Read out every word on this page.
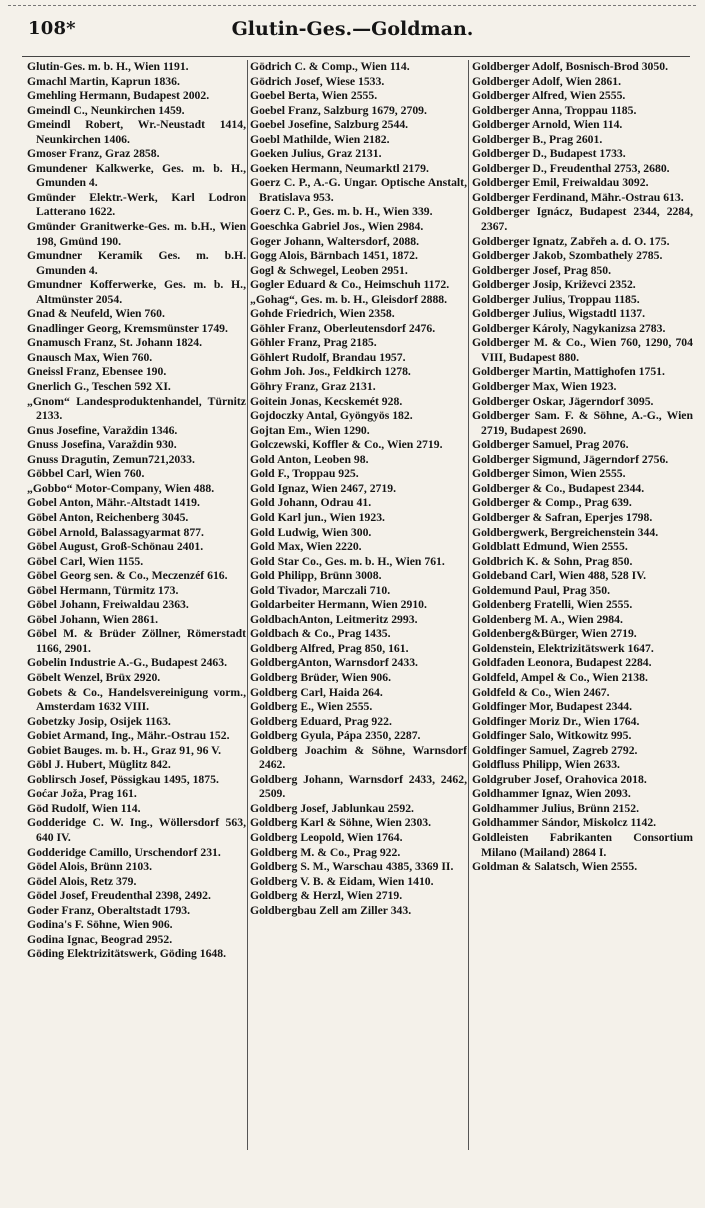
108*	Glutin-Ges.—Goldman.

Glutin-Ges. m. b. H., Wien 1191.

Gmachl Martin, Kaprun 1836.

Gmehling Hermann, Budapest 2002.

Gmeindl C., Neunkirchen 1459.

Gmeindl Robert, Wr.-Neustadt 1414, Neunkirchen 1406.

Gmoser Franz, Graz 2858.

Gmundener Kalkwerke, Ges. m. b. H., Gmunden 4.

Gmünder Elektr.-Werk, Karl Lodron Latterano 1622.

Gmünder Granitwerke-Ges. m. b.H., Wien 198, Gmünd 190.

Gmundner Keramik Ges. m. b.H. Gmunden 4.

Gmundner Kofferwerke, Ges. m. b. H., Altmünster 2054.

Gnad & Neufeld, Wien 760.

Gnadlinger Georg, Kremsmünster 1749.

Gnamusch Franz, St. Johann 1824.

Gnausch Max, Wien 760.

Gneissl Franz, Ebensee 190.

Gnerlich G., Teschen 592 XI.

„Gnom“ Landesproduktenhandel, Türnitz 2133.

Gnus Josefine, Varaždin 1346.

Gnuss Josefina, Varaždin 930.

Gnuss Dragutin, Zemun721,2033.

Göbbel Carl, Wien 760.

„Gobbo“ Motor-Company, Wien 488.

Gobel Anton, Mähr.-Altstadt 1419.

Göbel Anton, Reichenberg 3045.

Göbel Arnold, Balassagyarmat 877.

Göbel August, Groß-Schönau 2401.

Göbel Carl, Wien 1155.

Göbel Georg sen. & Co., Meczenzéf 616.

Göbel Hermann, Türmitz 173.

Göbel Johann, Freiwaldau 2363.

Göbel Johann, Wien 2861.

Göbel M. & Brüder Zöllner, Römerstadt 1166, 2901.

Gobelin Industrie A.-G., Budapest 2463.

Göbelt Wenzel, Brüx 2920.

Gobets & Co., Handelsvereinigung vorm., Amsterdam 1632 VIII.

Gobetzky Josip, Osijek 1163.

Gobiet Armand, Ing., Mähr.-Ostrau 152.

Gobiet Bauges. m. b. H., Graz 91, 96 V.

Göbl J. Hubert, Müglitz 842.

Goblirsch Josef, Pössigkau 1495, 1875.

Goćar Joža, Prag 161.

Göd Rudolf, Wien 114.

Godderidge C. W. Ing., Wöllersdorf 563, 640 IV.

Godderidge Camillo, Urschendorf 231.

Gödel Alois, Brünn 2103.

Gödel Alois, Retz 379.

Gödel Josef, Freudenthal 2398, 2492.

Goder Franz, Oberaltstadt 1793.

Godina's F. Söhne, Wien 906.

Godina Ignac, Beograd 2952.

Göding Elektrizitätswerk, Göding 1648.

Gödrich C. & Comp., Wien 114.

Gödrich Josef, Wiese 1533.

Goebel Berta, Wien 2555.

Goebel Franz, Salzburg 1679, 2709.

Goebel Josefine, Salzburg 2544.

Goebl Mathilde, Wien 2182.

Goeken Julius, Graz 2131.

Goeken Hermann, Neumarktl 2179.

Goerz C. P., A.-G. Ungar. Optische Anstalt, Bratislava 953.

Goerz C. P., Ges. m. b. H., Wien 339.

Goeschka Gabriel Jos., Wien 2984.

Goger Johann, Waltersdorf, 2088.

Gogg Alois, Bärnbach 1451, 1872.

Gogl & Schwegel, Leoben 2951.

Gogler Eduard & Co., Heimschuh 1172.

„Gohag“, Ges. m. b. H., Gleisdorf 2888.

Gohde Friedrich, Wien 2358.

Göhler Franz, Oberleutensdorf 2476.

Göhler Franz, Prag 2185.

Göhlert Rudolf, Brandau 1957.

Gohm Joh. Jos., Feldkirch 1278.

Göhry Franz, Graz 2131.

Goitein Jonas, Kecskemét 928.

Gojdoczky Antal, Gyöngyös 182.

Gojtan Em., Wien 1290.

Golczewski, Koffler & Co., Wien 2719.

Gold Anton, Leoben 98.

Gold F., Troppau 925.

Gold Ignaz, Wien 2467, 2719.

Gold Johann, Odrau 41.

Gold Karl jun., Wien 1923.

Gold Ludwig, Wien 300.

Gold Max, Wien 2220.

Gold Star Co., Ges. m. b. H., Wien 761.

Gold Philipp, Brünn 3008.

Gold Tivador, Marczali 710.

Goldarbeiter Hermann, Wien 2910.

GoldbachAnton, Leitmeritz 2993.

Goldbach & Co., Prag 1435.

Goldberg Alfred, Prag 850, 161.

GoldbergAnton, Warnsdorf 2433.

Goldberg Brüder, Wien 906.

Goldberg Carl, Haida 264.

Goldberg E., Wien 2555.

Goldberg Eduard, Prag 922.

Goldberg Gyula, Pápa 2350, 2287.

Goldberg Joachim & Söhne, Warnsdorf 2462.

Goldberg Johann, Warnsdorf 2433, 2462, 2509.

Goldberg Josef, Jablunkau 2592.

Goldberg Karl & Söhne, Wien 2303.

Goldberg Leopold, Wien 1764.

Goldberg M. & Co., Prag 922.

Goldberg S. M., Warschau 4385, 3369 II.

Goldberg V. B. & Eidam, Wien 1410.

Goldberg & Herzl, Wien 2719.

Goldbergbau Zell am Ziller 343.

Goldberger Adolf, Bosnisch-Brod 3050.

Goldberger Adolf, Wien 2861.

Goldberger Alfred, Wien 2555.

Goldberger Anna, Troppau 1185.

Goldberger Arnold, Wien 114.

Goldberger B., Prag 2601.

Goldberger D., Budapest 1733.

Goldberger D., Freudenthal 2753, 2680.

Goldberger Emil, Freiwaldau 3092.

Goldberger Ferdinand, Mähr.-Ostrau 613.

Goldberger Ignácz, Budapest 2344, 2284, 2367.

Goldberger Ignatz, Zabřeh a. d. O. 175.

Goldberger Jakob, Szombathely 2785.

Goldberger Josef, Prag 850.

Goldberger Josip, Križevci 2352.

Goldberger Julius, Troppau 1185.

Goldberger Julius, Wigstadtl 1137.

Goldberger Károly, Nagykanizsa 2783.

Goldberger M. & Co., Wien 760, 1290, 704 VIII, Budapest 880.

Goldberger Martin, Mattighofen 1751.

Goldberger Max, Wien 1923.

Goldberger Oskar, Jägerndorf 3095.

Goldberger Sam. F. & Söhne, A.-G., Wien 2719, Budapest 2690.

Goldberger Samuel, Prag 2076.

Goldberger Sigmund, Jägerndorf 2756.

Goldberger Simon, Wien 2555.

Goldberger & Co., Budapest 2344.

Goldberger & Comp., Prag 639.

Goldberger & Safran, Eperjes 1798.

Goldbergwerk, Bergreichenstein 344.

Goldblatt Edmund, Wien 2555.

Goldbrich K. & Sohn, Prag 850.

Goldeband Carl, Wien 488, 528 IV.

Goldemund Paul, Prag 350.

Goldenberg Fratelli, Wien 2555.

Goldenberg M. A., Wien 2984.

Goldenberg&Bürger, Wien 2719.

Goldenstein, Elektrizitätswerk 1647.

Goldfaden Leonora, Budapest 2284.

Goldfeld, Ampel & Co., Wien 2138.

Goldfeld & Co., Wien 2467.

Goldfinger Mor, Budapest 2344.

Goldfinger Moriz Dr., Wien 1764.

Goldfinger Salo, Witkowitz 995.

Goldfinger Samuel, Zagreb 2792.

Goldfluss Philipp, Wien 2633.

Goldgruber Josef, Orahovica 2018.

Goldhammer Ignaz, Wien 2093.

Goldhammer Julius, Brünn 2152.

Goldhammer Sándor, Miskolcz 1142.

Goldleisten Fabrikanten Consortium Milano (Mailand) 2864 I.

Goldman & Salatsch, Wien 2555.
